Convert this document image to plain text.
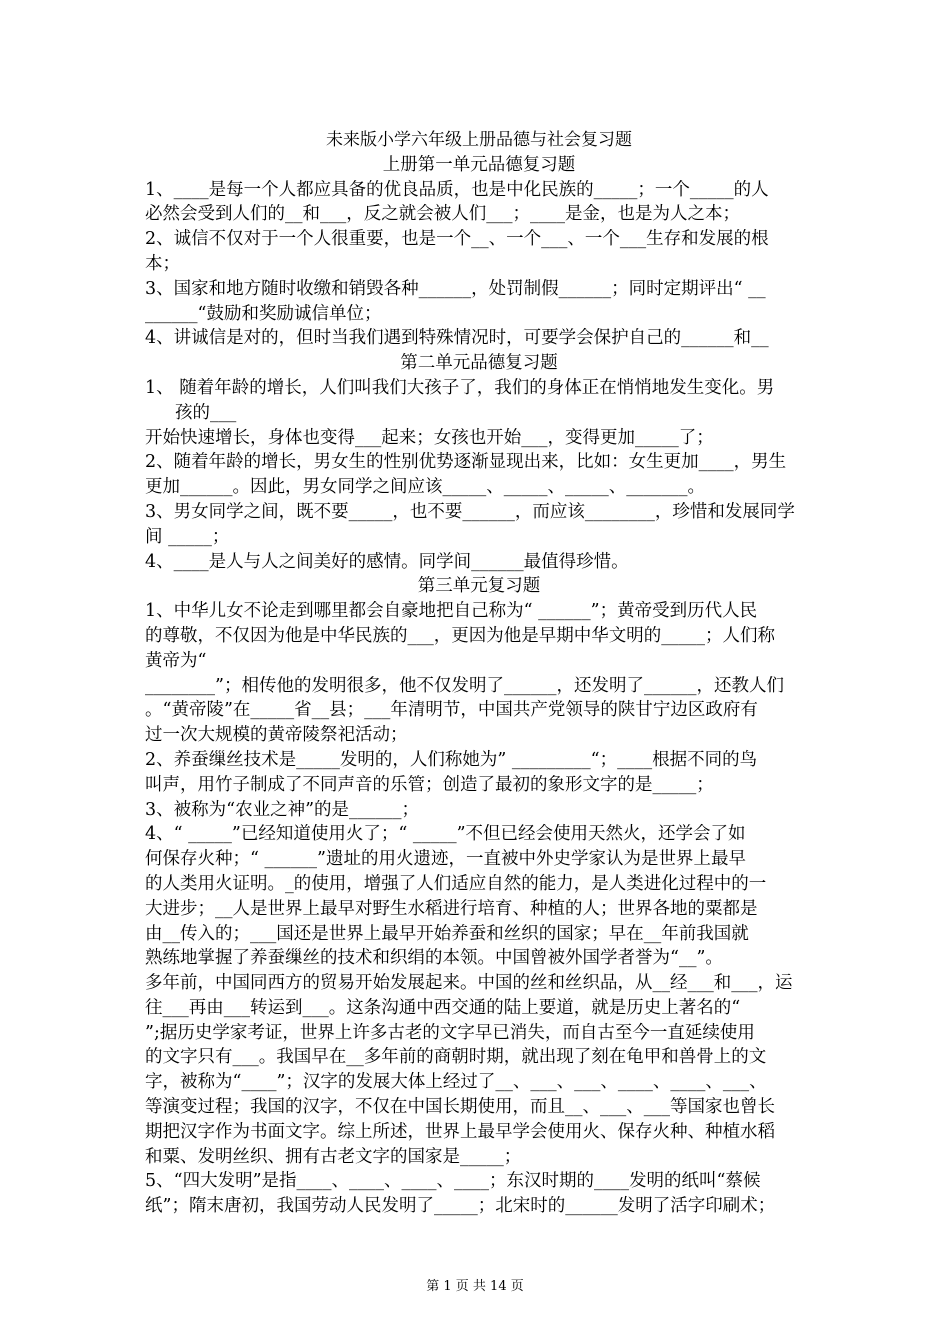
未来版小学六年级上册品德与社会复习题
上册第一单元品德复习题
1、____是每一个人都应具备的优良品质，也是中化民族的_____；一个_____的人
必然会受到人们的__和___，反之就会被人们___；____是金，也是为人之本；
2、诚信不仅对于一个人很重要，也是一个__、一个___、一个___生存和发展的根
本；
3、国家和地方随时收缴和销毁各种______，处罚制假______；同时定期评出“ __
______“鼓励和奖励诚信单位；
4、讲诚信是对的，但时当我们遇到特殊情况时，可要学会保护自己的______和__
第二单元品德复习题
1、 随着年龄的增长，人们叫我们大孩子了，我们的身体正在悄悄地发生变化。男
孩的___
开始快速增长，身体也变得___起来；女孩也开始___，变得更加_____了；
2、随着年龄的增长，男女生的性别优势逐渐显现出来，比如：女生更加____，男生
更加______。因此，男女同学之间应该_____、_____、_____、_______。
3、男女同学之间，既不要_____，也不要______，而应该________，珍惜和发展同学
间 _____；
4、____是人与人之间美好的感情。同学间______最值得珍惜。
第三单元复习题
1、中华儿女不论走到哪里都会自豪地把自己称为“ ______”；黄帝受到历代人民
的尊敬，不仅因为他是中华民族的___，更因为他是早期中华文明的_____；人们称
黄帝为“
________”；相传他的发明很多，他不仅发明了______，还发明了______，还教人们
。“黄帝陵”在_____省__县；___年清明节，中国共产党领导的陕甘宁边区政府有
过一次大规模的黄帝陵祭祀活动；
2、养蚕缫丝技术是_____发明的，人们称她为” _________“；____根据不同的鸟
叫声，用竹子制成了不同声音的乐管；创造了最初的象形文字的是_____；
3、被称为“农业之神”的是______；
4、“ _____”已经知道使用火了；“ _____”不但已经会使用天然火，还学会了如
何保存火种；“ ______”遗址的用火遗迹，一直被中外史学家认为是世界上最早
的人类用火证明。_的使用，增强了人们适应自然的能力，是人类进化过程中的一
大进步；__人是世界上最早对野生水稻进行培育、种植的人；世界各地的粟都是
由__传入的；___国还是世界上最早开始养蚕和丝织的国家；早在__年前我国就
熟练地掌握了养蚕缫丝的技术和织绢的本领。中国曾被外国学者誉为“__”。
多年前，中国同西方的贸易开始发展起来。中国的丝和丝织品，从__经___和___，运
往___再由___转运到___。这条沟通中西交通的陆上要道，就是历史上著名的“
”;据历史学家考证，世界上许多古老的文字早已消失，而自古至今一直延续使用
的文字只有___。我国早在__多年前的商朝时期，就出现了刻在龟甲和兽骨上的文
字，被称为“____”；汉字的发展大体上经过了__、___、___、____、____、___、
等演变过程；我国的汉字，不仅在中国长期使用，而且__、___、___等国家也曾长
期把汉字作为书面文字。综上所述，世界上最早学会使用火、保存火种、种植水稻
和粟、发明丝织、拥有古老文字的国家是_____；
5、“四大发明”是指____、____、____、____；东汉时期的____发明的纸叫“蔡候
纸”；隋末唐初，我国劳动人民发明了_____；北宋时的______发明了活字印刷术；
第 1 页 共 14 页
